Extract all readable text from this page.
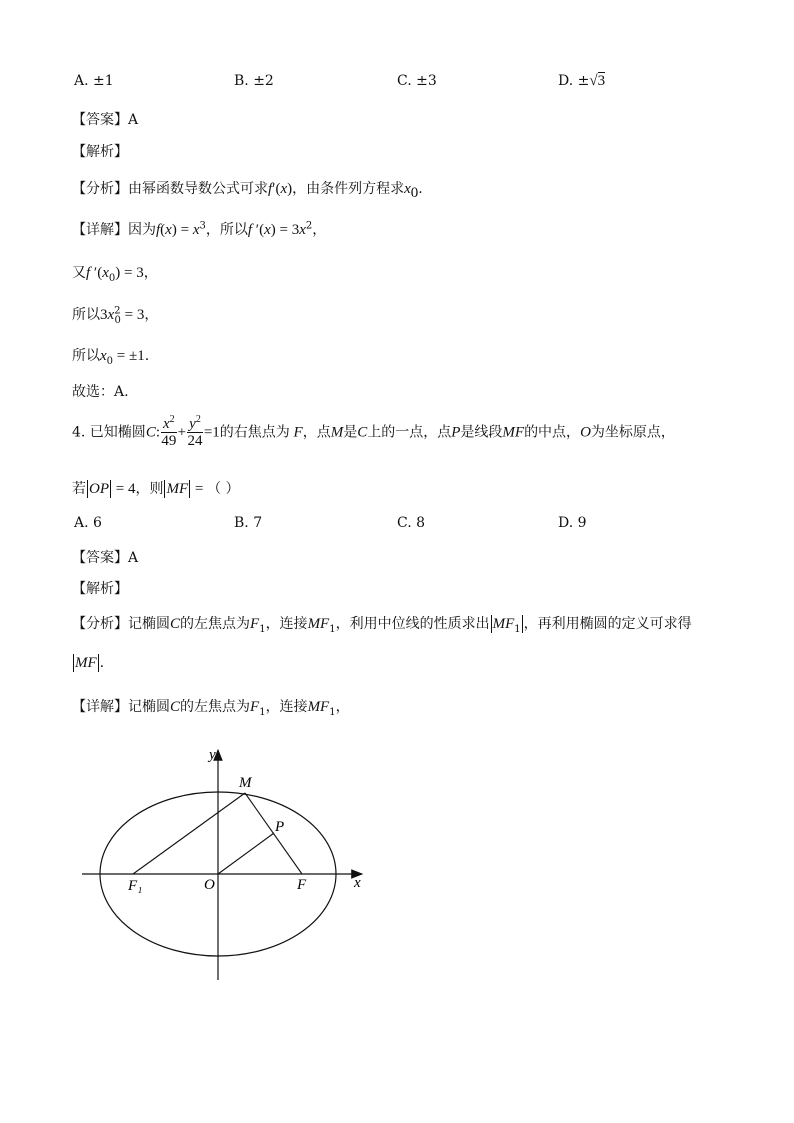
A. ±1	B. ±2	C. ±3	D. ±√3
【答案】A
【解析】
【分析】由幂函数导数公式可求f′(x)，由条件列方程求$x_0$.
【详解】因为$f(x) = x^3$，所以f $'(x) = 3x^2$，
又f $'(x_0) = 3$，
所以$3x^2_0 = 3$，
所以$x_0 = \pm 1$.
故选：A.
4. 已知椭圆C: $\frac{x^2}{49} + \frac{y^2}{24} =1$的右焦点为 F，点M是C上的一点，点P是线段MF的中点，O为坐标原点，
若 OP = 4，则 MF = （ ）
A. 6	B. 7	C. 8	D. 9
【答案】A
【解析】
【分析】记椭圆C的左焦点为$F_1$，连接$MF_1$，利用中位线的性质求出 $MF_1$ ，再利用椭圆的定义可求得
MF .
【详解】记椭圆C的左焦点为$F_1$，连接$MF_1$，
y
M
P
F₁	O	F	x
